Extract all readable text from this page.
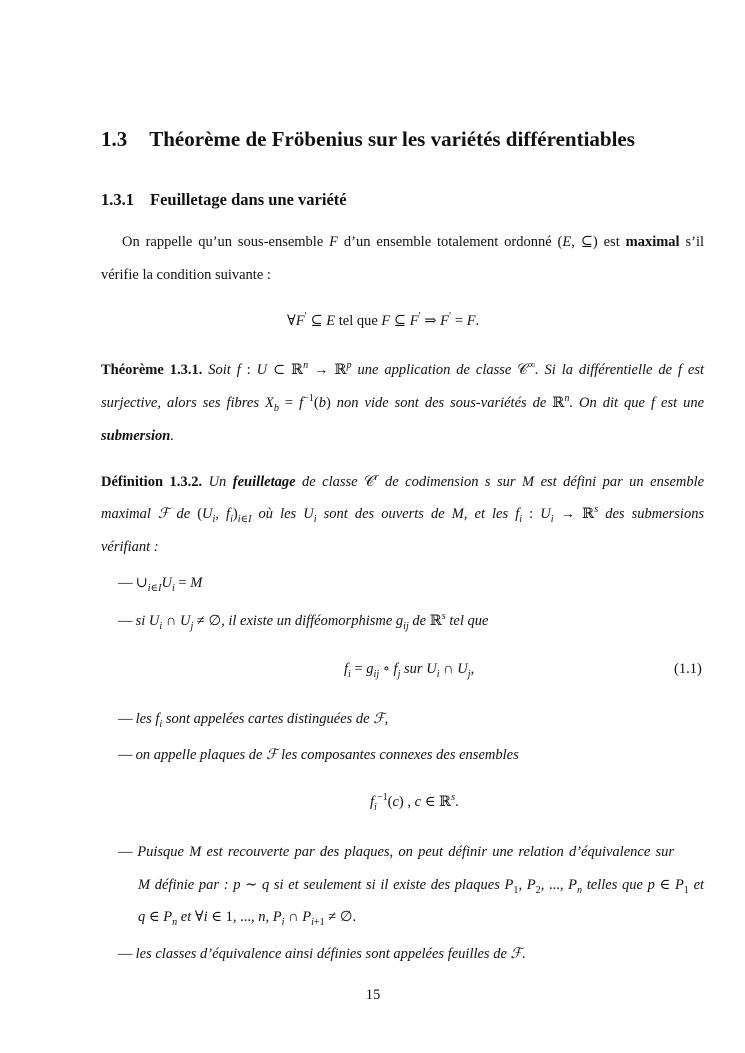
1.3 Théorème de Fröbenius sur les variétés différentiables
1.3.1 Feuilletage dans une variété
On rappelle qu’un sous-ensemble F d’un ensemble totalement ordonné (E, ⊆) est maximal s’il
vérifie la condition suivante :
∀F′ ⊆ E tel que F ⊆ F′ ⇒ F′ = F.
Théorème 1.3.1. Soit f : U ⊂ ℝ$^n$ → ℝ$^p$ une application de classe 𝒞∞. Si la différentielle de f est
surjective, alors ses fibres $X_b = f^{-1}(b)$ non vide sont des sous-variétés de ℝ$^n$. On dit que f est une
submersion.
Définition 1.3.2. Un feuilletage de classe 𝒞$^r$ de codimension s sur M est défini par un ensemble
maximal ℱ de ($U_i$, $f_i)_{i\in I}$ où les $U_i$ sont des ouverts de M, et les $f_i$ : $U_i$ → ℝ$^s$ des submersions
vérifiant :
— $\cup_{i\in I}U_i = M$
— si $U_i$ ∩ $U_j$ ≠ ∅, il existe un difféomorphisme $g_{ij}$ de ℝ$^s$ tel que
$f_i = g_{ij}$ ∘ $f_j$ sur $U_i$ ∩ $U_j$,	(1.1)
— les $f_i$ sont appelées cartes distinguées de ℱ,
— on appelle plaques de ℱ les composantes connexes des ensembles
$f_i^{-1}(c)$ , c ∈ ℝ$^s$.
— Puisque M est recouverte par des plaques, on peut définir une relation d’équivalence sur
M définie par : p ∼ q si et seulement si il existe des plaques $P_1$, $P_2$, ..., $P_n$ telles que p ∈ $P_1$ et
q ∈ $P_n$ et ∀i ∈ 1, ..., n, $P_i$ ∩ $P_{i+1}$ ≠ ∅.
— les classes d’équivalence ainsi définies sont appelées feuilles de ℱ.
15
